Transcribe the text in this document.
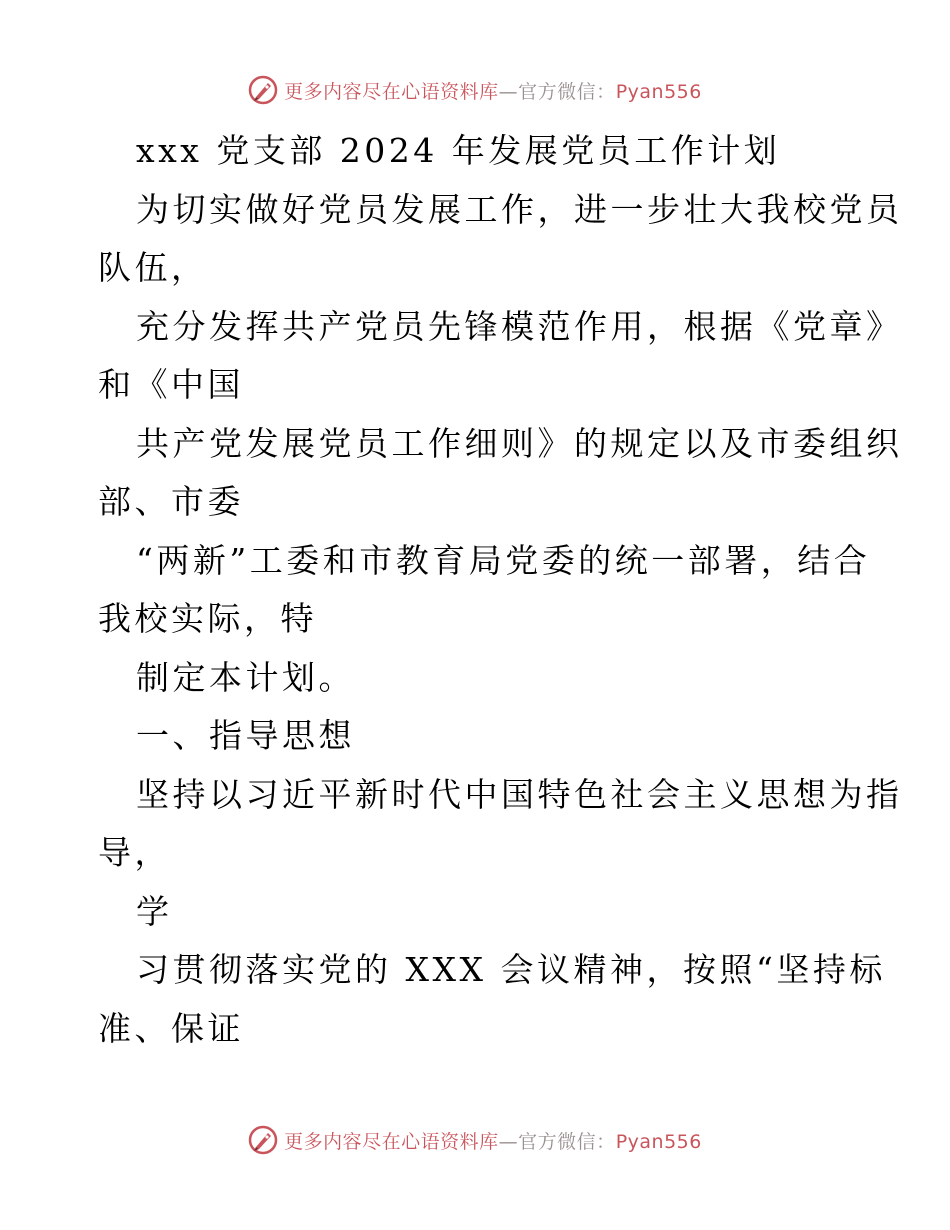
更多内容尽在心语资料库—官方微信：Pyan556
xxx 党支部 2024 年发展党员工作计划
为切实做好党员发展工作，进一步壮大我校党员
队伍，
充分发挥共产党员先锋模范作用，根据《党章》
和《中国
共产党发展党员工作细则》的规定以及市委组织
部、市委
“两新”工委和市教育局党委的统一部署，结合
我校实际，特
制定本计划。
一、指导思想
坚持以习近平新时代中国特色社会主义思想为指
导，
学
习贯彻落实党的 XXX 会议精神，按照“坚持标
准、保证
更多内容尽在心语资料库—官方微信：Pyan556
